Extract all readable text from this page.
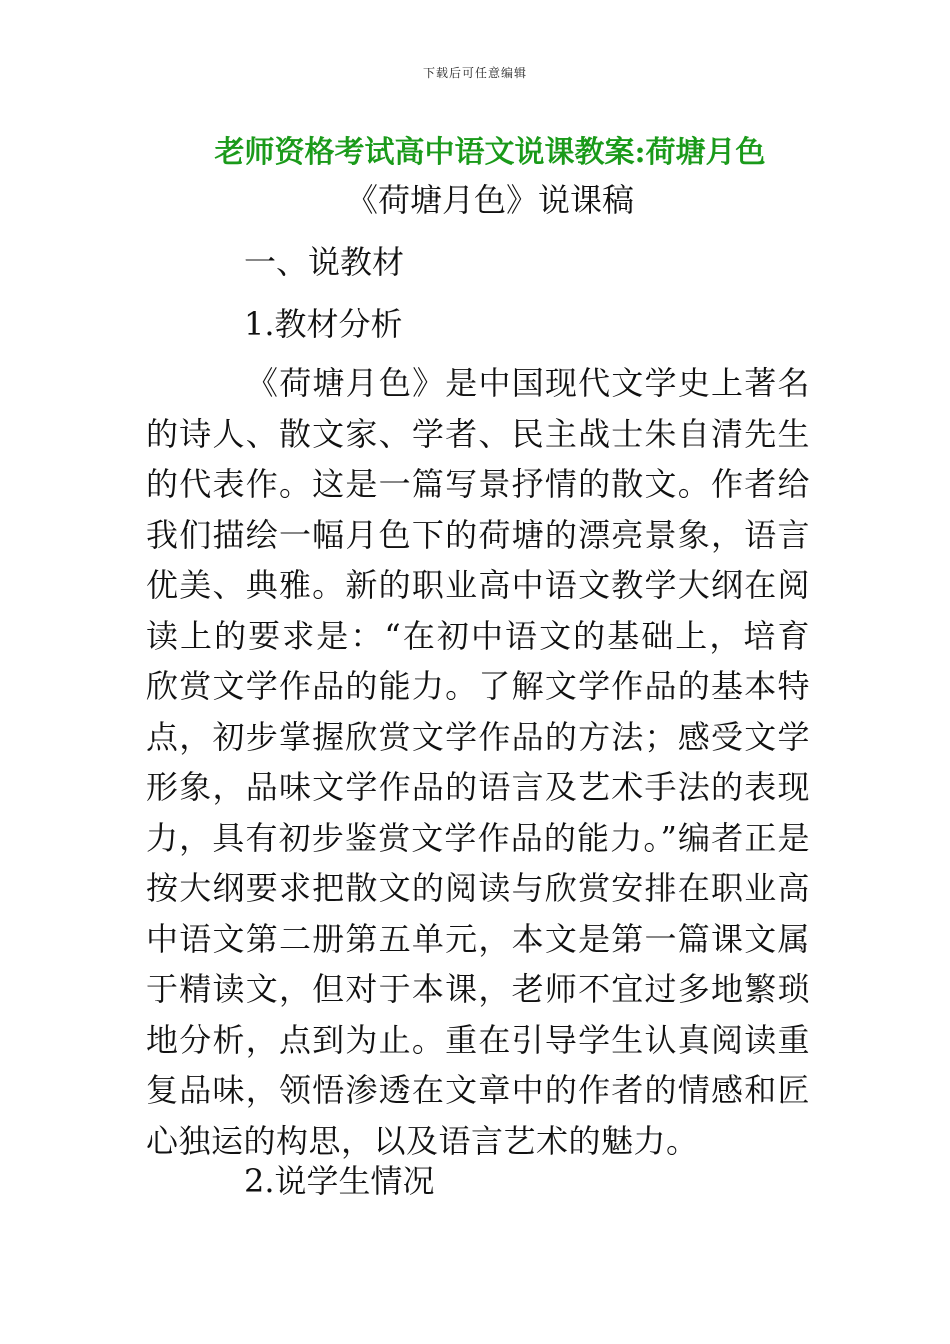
下载后可任意编辑
老师资格考试高中语文说课教案:荷塘月色
《荷塘月色》说课稿
一、说教材
1.教材分析

《荷塘月色》是中国现代文学史上著名的诗人、散文家、学者、民主战士朱自清先生的代表作。这是一篇写景抒情的散文。作者给我们描绘一幅月色下的荷塘的漂亮景象，语言优美、典雅。新的职业高中语文教学大纲在阅读上的要求是：“在初中语文的基础上，培育欣赏文学作品的能力。了解文学作品的基本特点，初步掌握欣赏文学作品的方法；感受文学形象，品味文学作品的语言及艺术手法的表现力，具有初步鉴赏文学作品的能力。”编者正是按大纲要求把散文的阅读与欣赏安排在职业高中语文第二册第五单元，本文是第一篇课文属于精读文，但对于本课，老师不宜过多地繁琐地分析，点到为止。重在引导学生认真阅读重复品味，领悟渗透在文章中的作者的情感和匠心独运的构思，以及语言艺术的魅力。

2.说学生情况
